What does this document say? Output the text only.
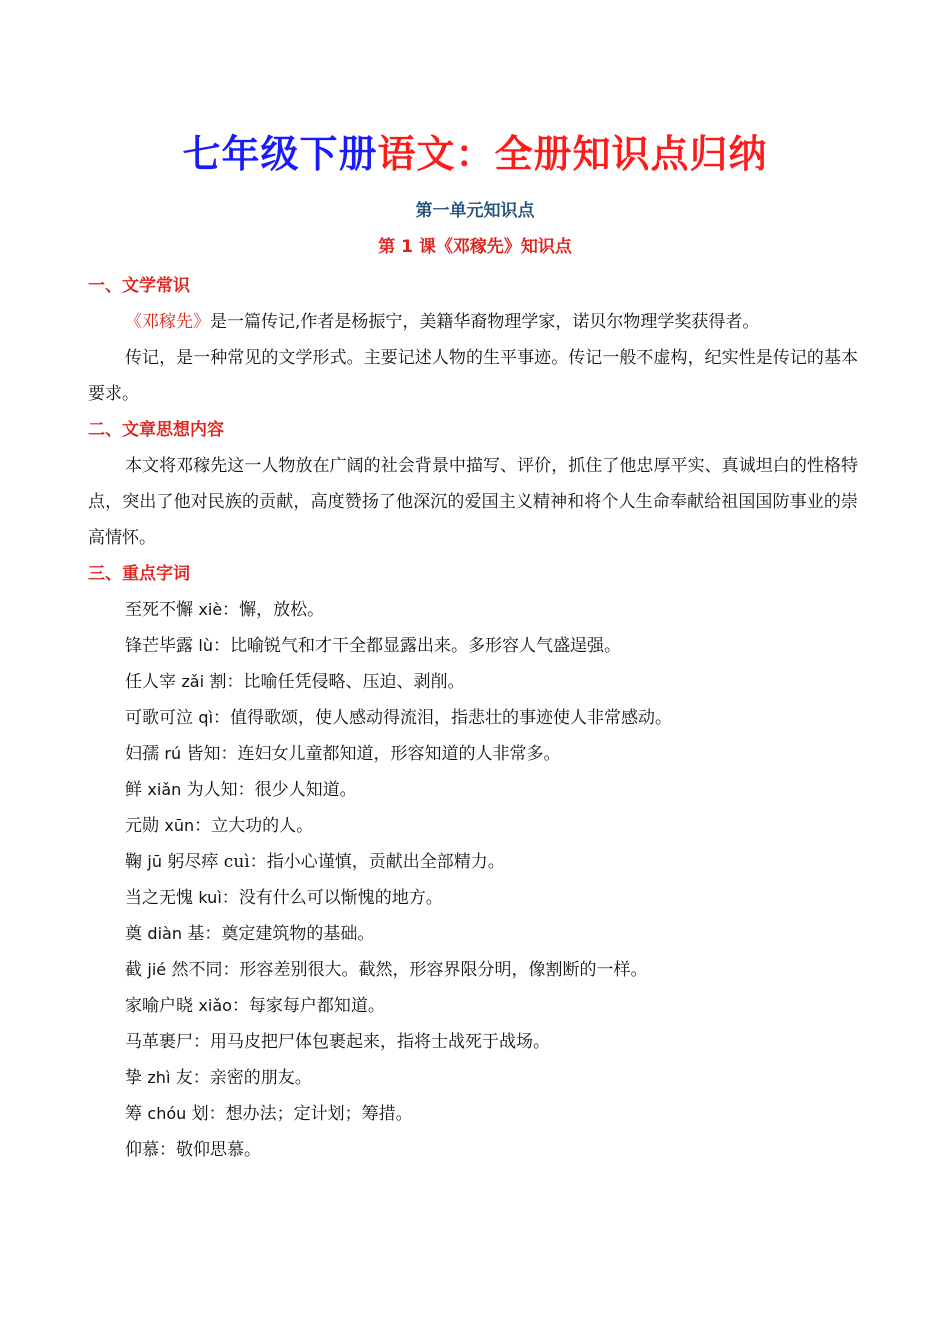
七年级下册语文：全册知识点归纳
第一单元知识点
第 1 课《邓稼先》知识点

一、文学常识

《邓稼先》是一篇传记,作者是杨振宁，美籍华裔物理学家，诺贝尔物理学奖获得者。

传记，是一种常见的文学形式。主要记述人物的生平事迹。传记一般不虚构，纪实性是传记的基本要求。

二、文章思想内容

本文将邓稼先这一人物放在广阔的社会背景中描写、评价，抓住了他忠厚平实、真诚坦白的性格特点，突出了他对民族的贡献，高度赞扬了他深沉的爱国主义精神和将个人生命奉献给祖国国防事业的崇高情怀。

三、重点字词

至死不懈 xiè：懈，放松。

锋芒毕露 lù：比喻锐气和才干全都显露出来。多形容人气盛逞强。

任人宰 zǎi 割：比喻任凭侵略、压迫、剥削。

可歌可泣 qì：值得歌颂，使人感动得流泪，指悲壮的事迹使人非常感动。

妇孺 rú 皆知：连妇女儿童都知道，形容知道的人非常多。

鲜 xiǎn 为人知：很少人知道。

元勋 xūn：立大功的人。

鞠 jū 躬尽瘁 cuì：指小心谨慎，贡献出全部精力。

当之无愧 kuì：没有什么可以惭愧的地方。

奠 diàn 基：奠定建筑物的基础。

截 jié 然不同：形容差别很大。截然，形容界限分明，像割断的一样。

家喻户晓 xiǎo：每家每户都知道。

马革裹尸：用马皮把尸体包裹起来，指将士战死于战场。

挚 zhì 友：亲密的朋友。

筹 chóu 划：想办法；定计划；筹措。

仰慕：敬仰思慕。
